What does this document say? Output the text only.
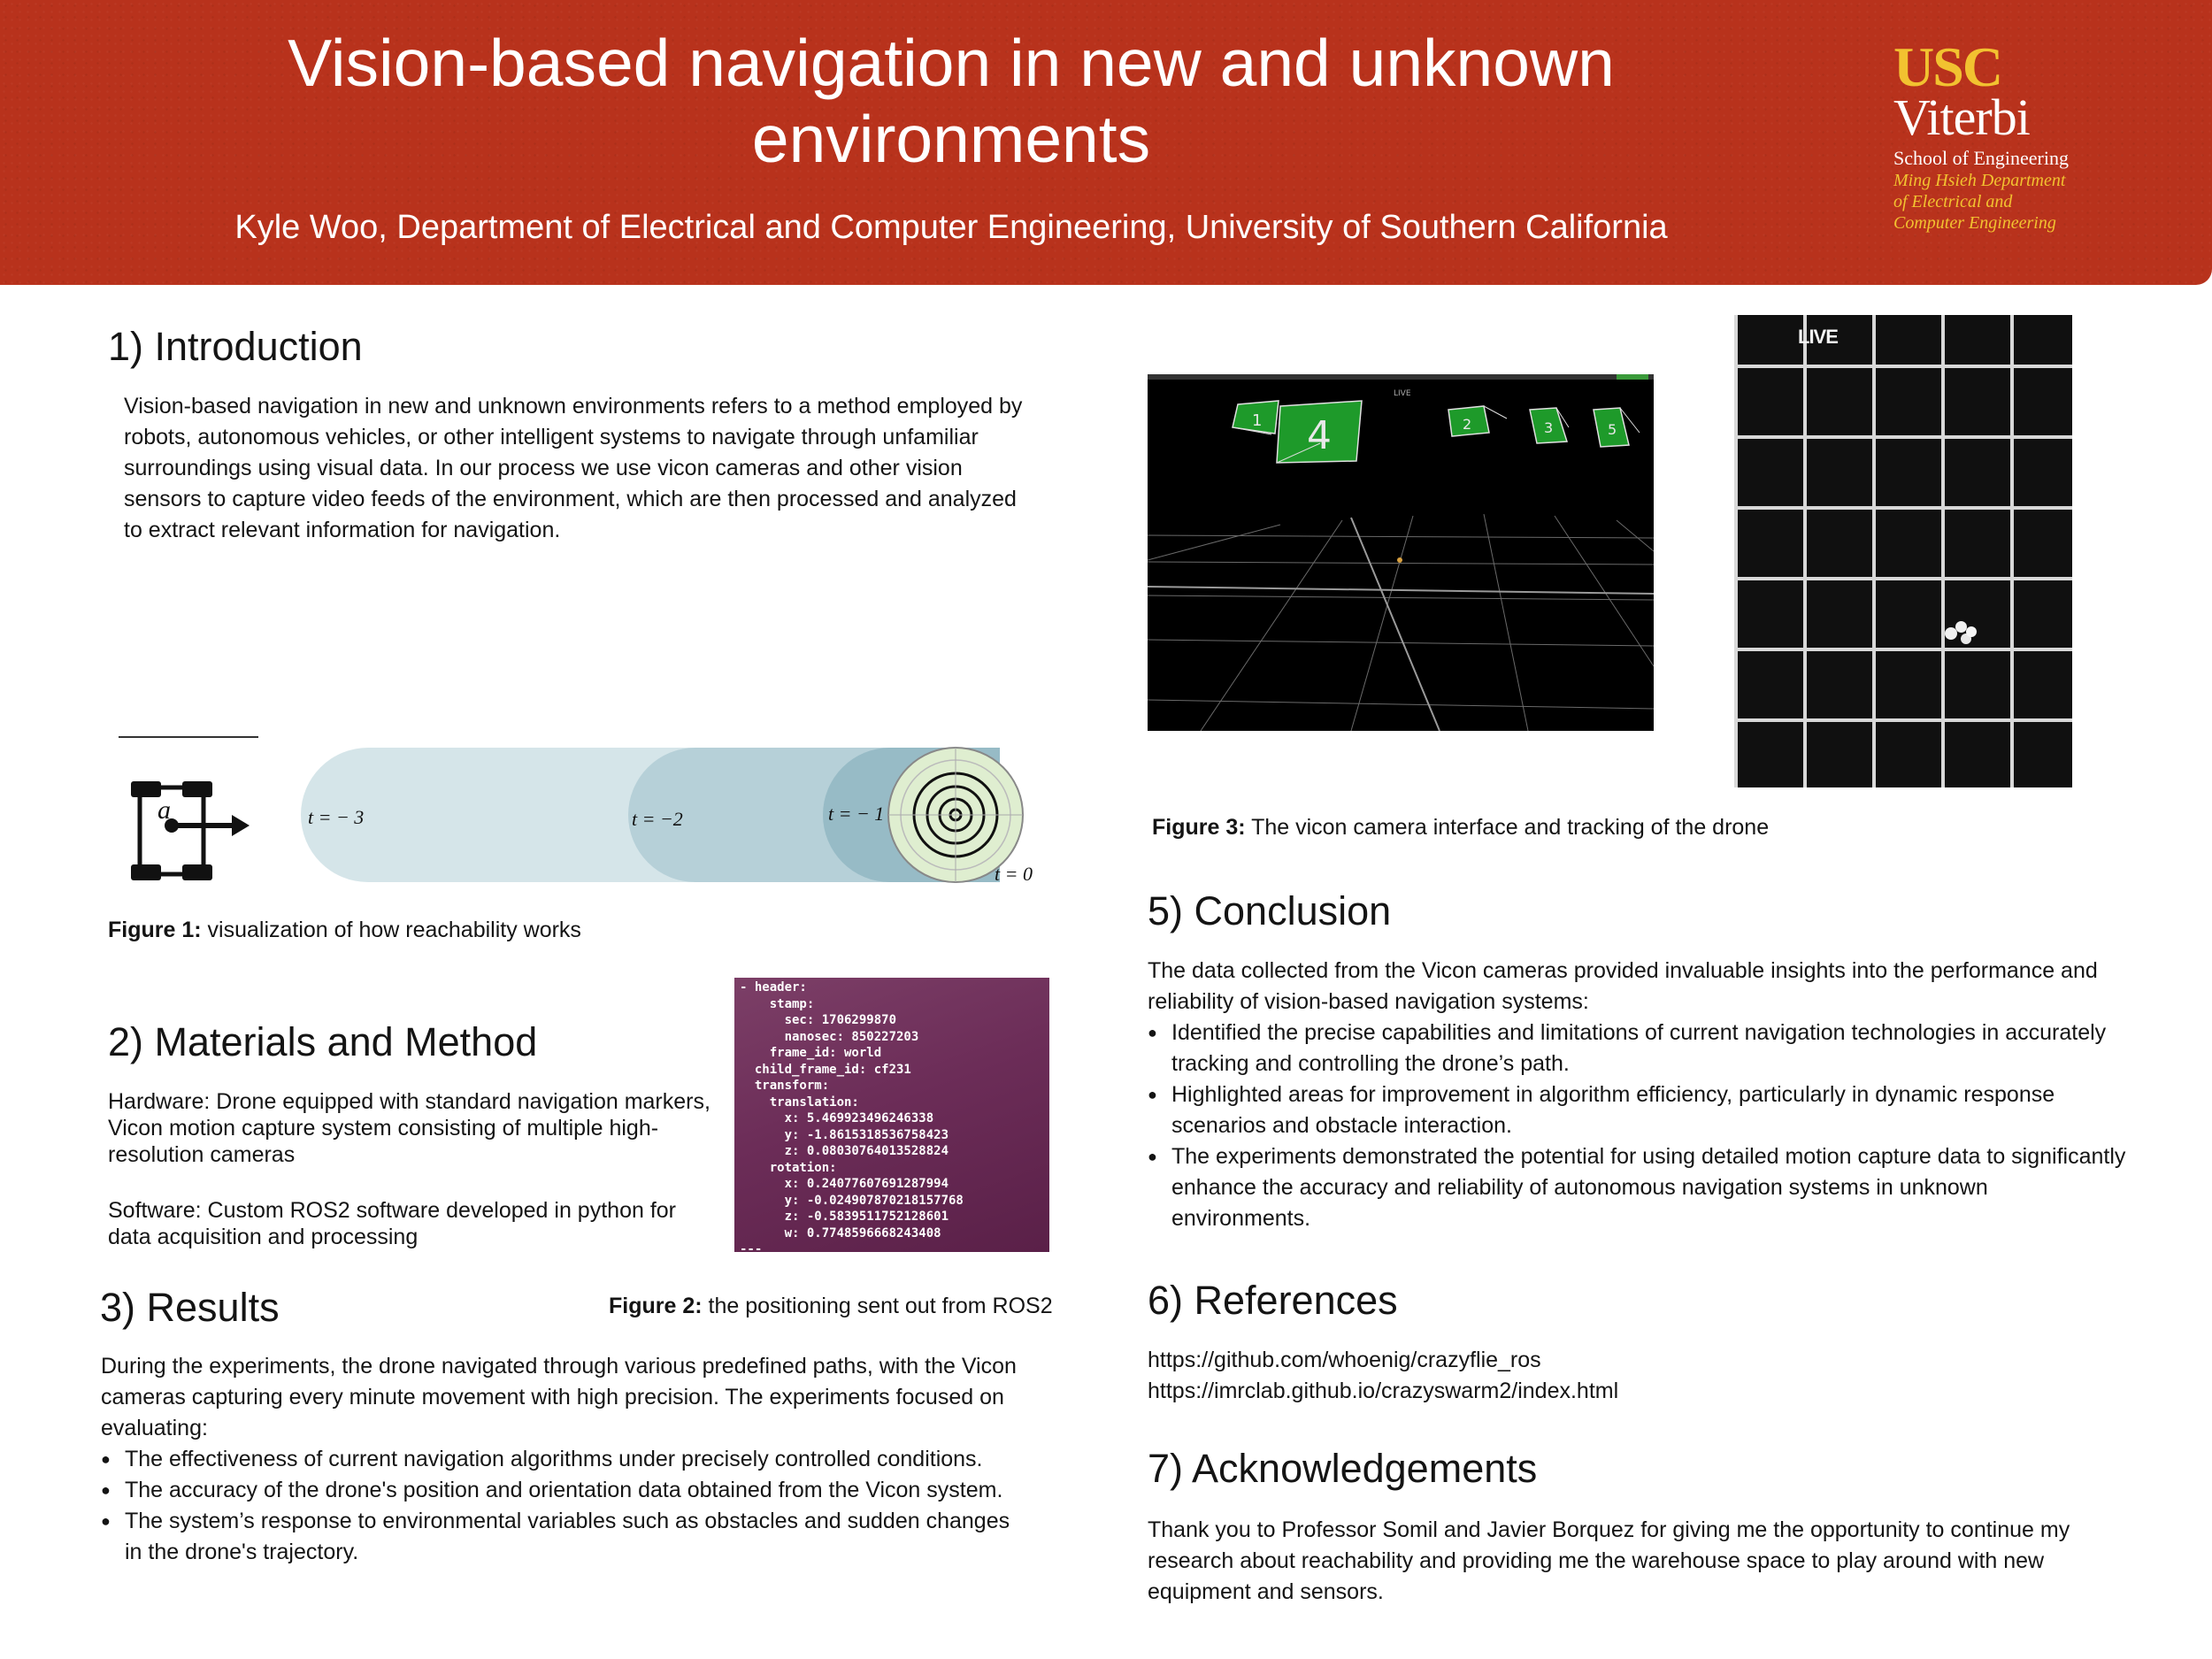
Vision-based navigation in new and unknown environments
Kyle Woo, Department of Electrical and Computer Engineering, University of Southern California
USC
Viterbi
School of Engineering
Ming Hsieh Department
of Electrical and
Computer Engineering
1) Introduction
Vision-based navigation in new and unknown environments refers to a method employed by robots, autonomous vehicles, or other intelligent systems to navigate through unfamiliar surroundings using visual data. In our process we use vicon cameras and other vision sensors to capture video feeds of the environment, which are then processed and analyzed to extract relevant information for navigation.
a	t = − 3	t = −2	t = − 1
t = 0
Figure 1: visualization of how reachability works
2) Materials and Method
Hardware: Drone equipped with standard navigation markers, Vicon motion capture system consisting of multiple high-resolution cameras
Software: Custom ROS2 software developed in python for data acquisition and processing
- header:
stamp:
sec: 1706299870
nanosec: 850227203
frame_id: world
child_frame_id: cf231
transform:
translation:
x: 5.469923496246338
y: -1.8615318536758423
z: 0.08030764013528824
rotation:
x: 0.24077607691287994
y: -0.024907870218157768
z: -0.5839511752128601
w: 0.7748596668243408
---
Figure 2: the positioning sent out from ROS2
3) Results
During the experiments, the drone navigated through various predefined paths, with the Vicon cameras capturing every minute movement with high precision. The experiments focused on evaluating:
● The effectiveness of current navigation algorithms under precisely controlled conditions.
● The accuracy of the drone's position and orientation data obtained from the Vicon system.
● The system’s response to environmental variables such as obstacles and sudden changes in the drone's trajectory.
LIVE
1 4	2	3	5
LIVE
Figure 3: The vicon camera interface and tracking of the drone
5) Conclusion
The data collected from the Vicon cameras provided invaluable insights into the performance and reliability of vision-based navigation systems:
● Identified the precise capabilities and limitations of current navigation technologies in accurately tracking and controlling the drone’s path.
● Highlighted areas for improvement in algorithm efficiency, particularly in dynamic response scenarios and obstacle interaction.
● The experiments demonstrated the potential for using detailed motion capture data to significantly enhance the accuracy and reliability of autonomous navigation systems in unknown environments.
6) References
https://github.com/whoenig/crazyflie_ros
https://imrclab.github.io/crazyswarm2/index.html
7) Acknowledgements
Thank you to Professor Somil and Javier Borquez for giving me the opportunity to continue my research about reachability and providing me the warehouse space to play around with new equipment and sensors.
